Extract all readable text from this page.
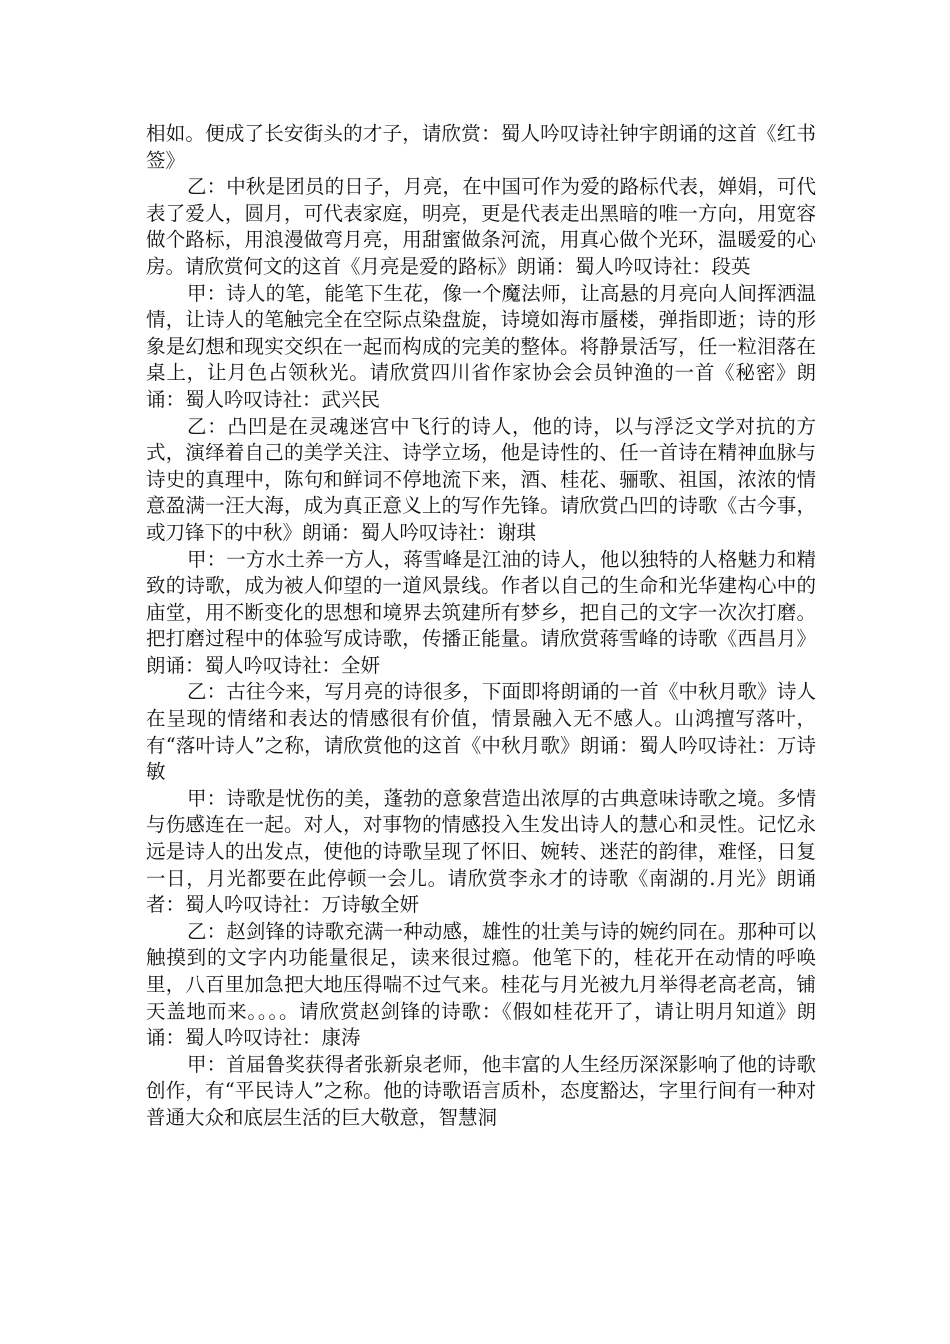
相如。便成了长安街头的才子，请欣赏：蜀人吟叹诗社钟宇朗诵的这首《红书签》

乙：中秋是团员的日子，月亮，在中国可作为爱的路标代表，婵娟，可代表了爱人，圆月，可代表家庭，明亮，更是代表走出黑暗的唯一方向，用宽容做个路标，用浪漫做弯月亮，用甜蜜做条河流，用真心做个光环，温暖爱的心房。请欣赏何文的这首《月亮是爱的路标》朗诵：蜀人吟叹诗社：段英

甲：诗人的笔，能笔下生花，像一个魔法师，让高悬的月亮向人间挥洒温情，让诗人的笔触完全在空际点染盘旋，诗境如海市蜃楼，弹指即逝；诗的形象是幻想和现实交织在一起而构成的完美的整体。将静景活写，任一粒泪落在桌上，让月色占领秋光。请欣赏四川省作家协会会员钟渔的一首《秘密》朗诵：蜀人吟叹诗社：武兴民

乙：凸凹是在灵魂迷宫中飞行的诗人，他的诗，以与浮泛文学对抗的方式，演绎着自己的美学关注、诗学立场，他是诗性的、任一首诗在精神血脉与诗史的真理中，陈句和鲜词不停地流下来，酒、桂花、骊歌、祖国，浓浓的情意盈满一汪大海，成为真正意义上的写作先锋。请欣赏凸凹的诗歌《古今事，或刀锋下的中秋》朗诵：蜀人吟叹诗社：谢琪

甲：一方水土养一方人，蒋雪峰是江油的诗人，他以独特的人格魅力和精致的诗歌，成为被人仰望的一道风景线。作者以自己的生命和光华建构心中的庙堂，用不断变化的思想和境界去筑建所有梦乡，把自己的文字一次次打磨。把打磨过程中的体验写成诗歌，传播正能量。请欣赏蒋雪峰的诗歌《西昌月》朗诵：蜀人吟叹诗社：全妍

乙：古往今来，写月亮的诗很多，下面即将朗诵的一首《中秋月歌》诗人在呈现的情绪和表达的情感很有价值，情景融入无不感人。山鸿擅写落叶，有“落叶诗人”之称，请欣赏他的这首《中秋月歌》朗诵：蜀人吟叹诗社：万诗敏

甲：诗歌是忧伤的美，蓬勃的意象营造出浓厚的古典意味诗歌之境。多情与伤感连在一起。对人，对事物的情感投入生发出诗人的慧心和灵性。记忆永远是诗人的出发点，使他的诗歌呈现了怀旧、婉转、迷茫的韵律，难怪，日复一日，月光都要在此停顿一会儿。请欣赏李永才的诗歌《南湖的.月光》朗诵者：蜀人吟叹诗社：万诗敏全妍

乙：赵剑锋的诗歌充满一种动感，雄性的壮美与诗的婉约同在。那种可以触摸到的文字内功能量很足，读来很过瘾。他笔下的，桂花开在动情的呼唤里，八百里加急把大地压得喘不过气来。桂花与月光被九月举得老高老高，铺天盖地而来。。。。请欣赏赵剑锋的诗歌：《假如桂花开了，请让明月知道》朗诵：蜀人吟叹诗社：康涛

甲：首届鲁奖获得者张新泉老师，他丰富的人生经历深深影响了他的诗歌创作，有“平民诗人”之称。他的诗歌语言质朴，态度豁达，字里行间有一种对普通大众和底层生活的巨大敬意，智慧洞
